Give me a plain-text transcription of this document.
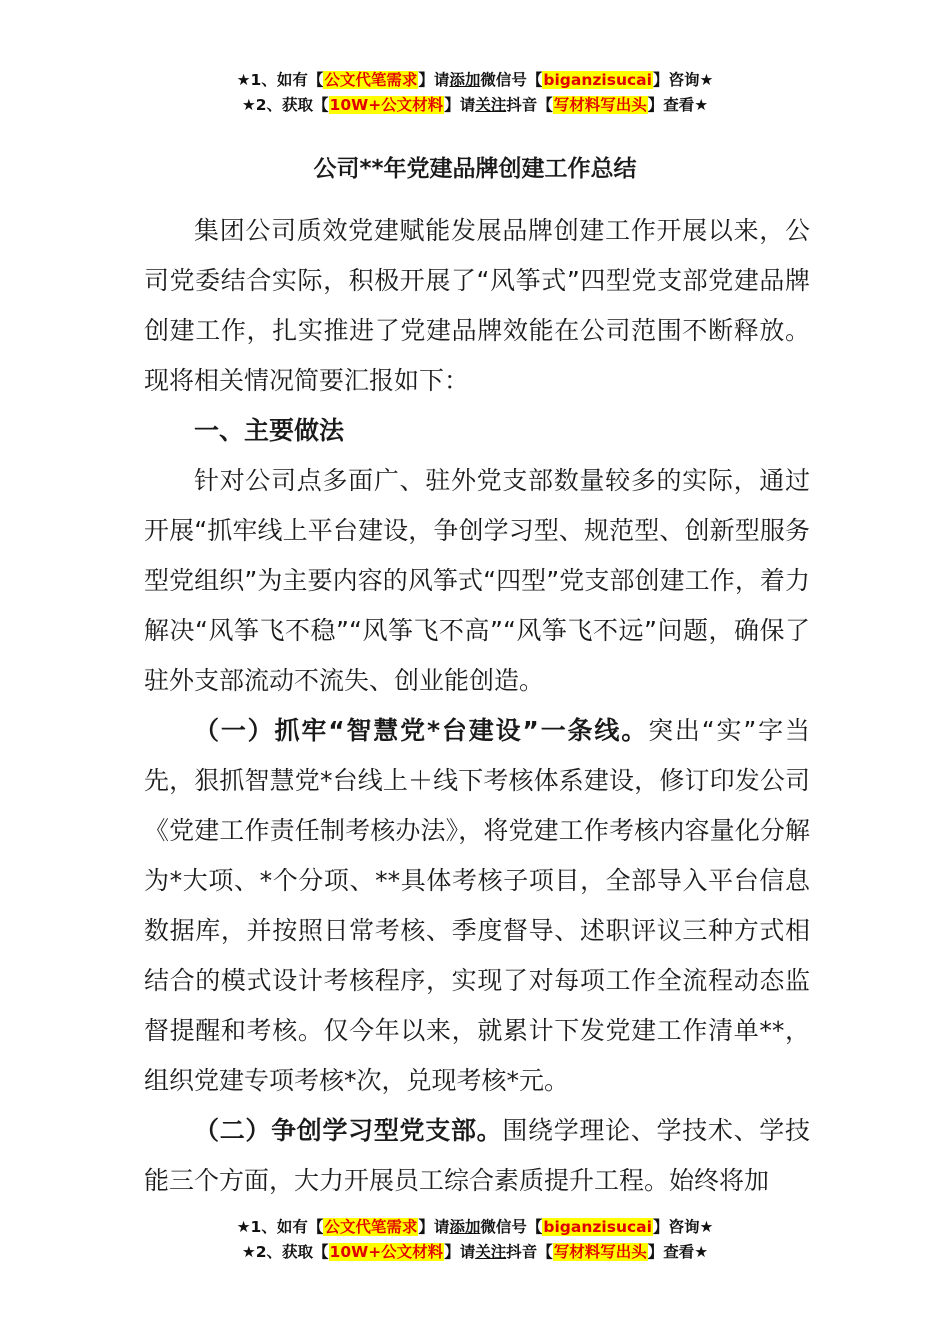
★1、如有【公文代笔需求】请添加微信号【biganzisucai】咨询★
★2、获取【10W+公文材料】请关注抖音【写材料写出头】查看★
公司**年党建品牌创建工作总结

集团公司质效党建赋能发展品牌创建工作开展以来，公司党委结合实际，积极开展了“风筝式”四型党支部党建品牌创建工作，扎实推进了党建品牌效能在公司范围不断释放。现将相关情况简要汇报如下：

一、主要做法

针对公司点多面广、驻外党支部数量较多的实际，通过开展“抓牢线上平台建设，争创学习型、规范型、创新型服务型党组织”为主要内容的风筝式“四型”党支部创建工作，着力解决“风筝飞不稳”“风筝飞不高”“风筝飞不远”问题，确保了驻外支部流动不流失、创业能创造。

（一）抓牢“智慧党*台建设”一条线。突出“实”字当先，狠抓智慧党*台线上＋线下考核体系建设，修订印发公司《党建工作责任制考核办法》，将党建工作考核内容量化分解为*大项、*个分项、**具体考核子项目，全部导入平台信息数据库，并按照日常考核、季度督导、述职评议三种方式相结合的模式设计考核程序，实现了对每项工作全流程动态监督提醒和考核。仅今年以来，就累计下发党建工作清单**，组织党建专项考核*次，兑现考核*元。

（二）争创学习型党支部。围绕学理论、学技术、学技能三个方面，大力开展员工综合素质提升工程。始终将加

★1、如有【公文代笔需求】请添加微信号【biganzisucai】咨询★
★2、获取【10W+公文材料】请关注抖音【写材料写出头】查看★
